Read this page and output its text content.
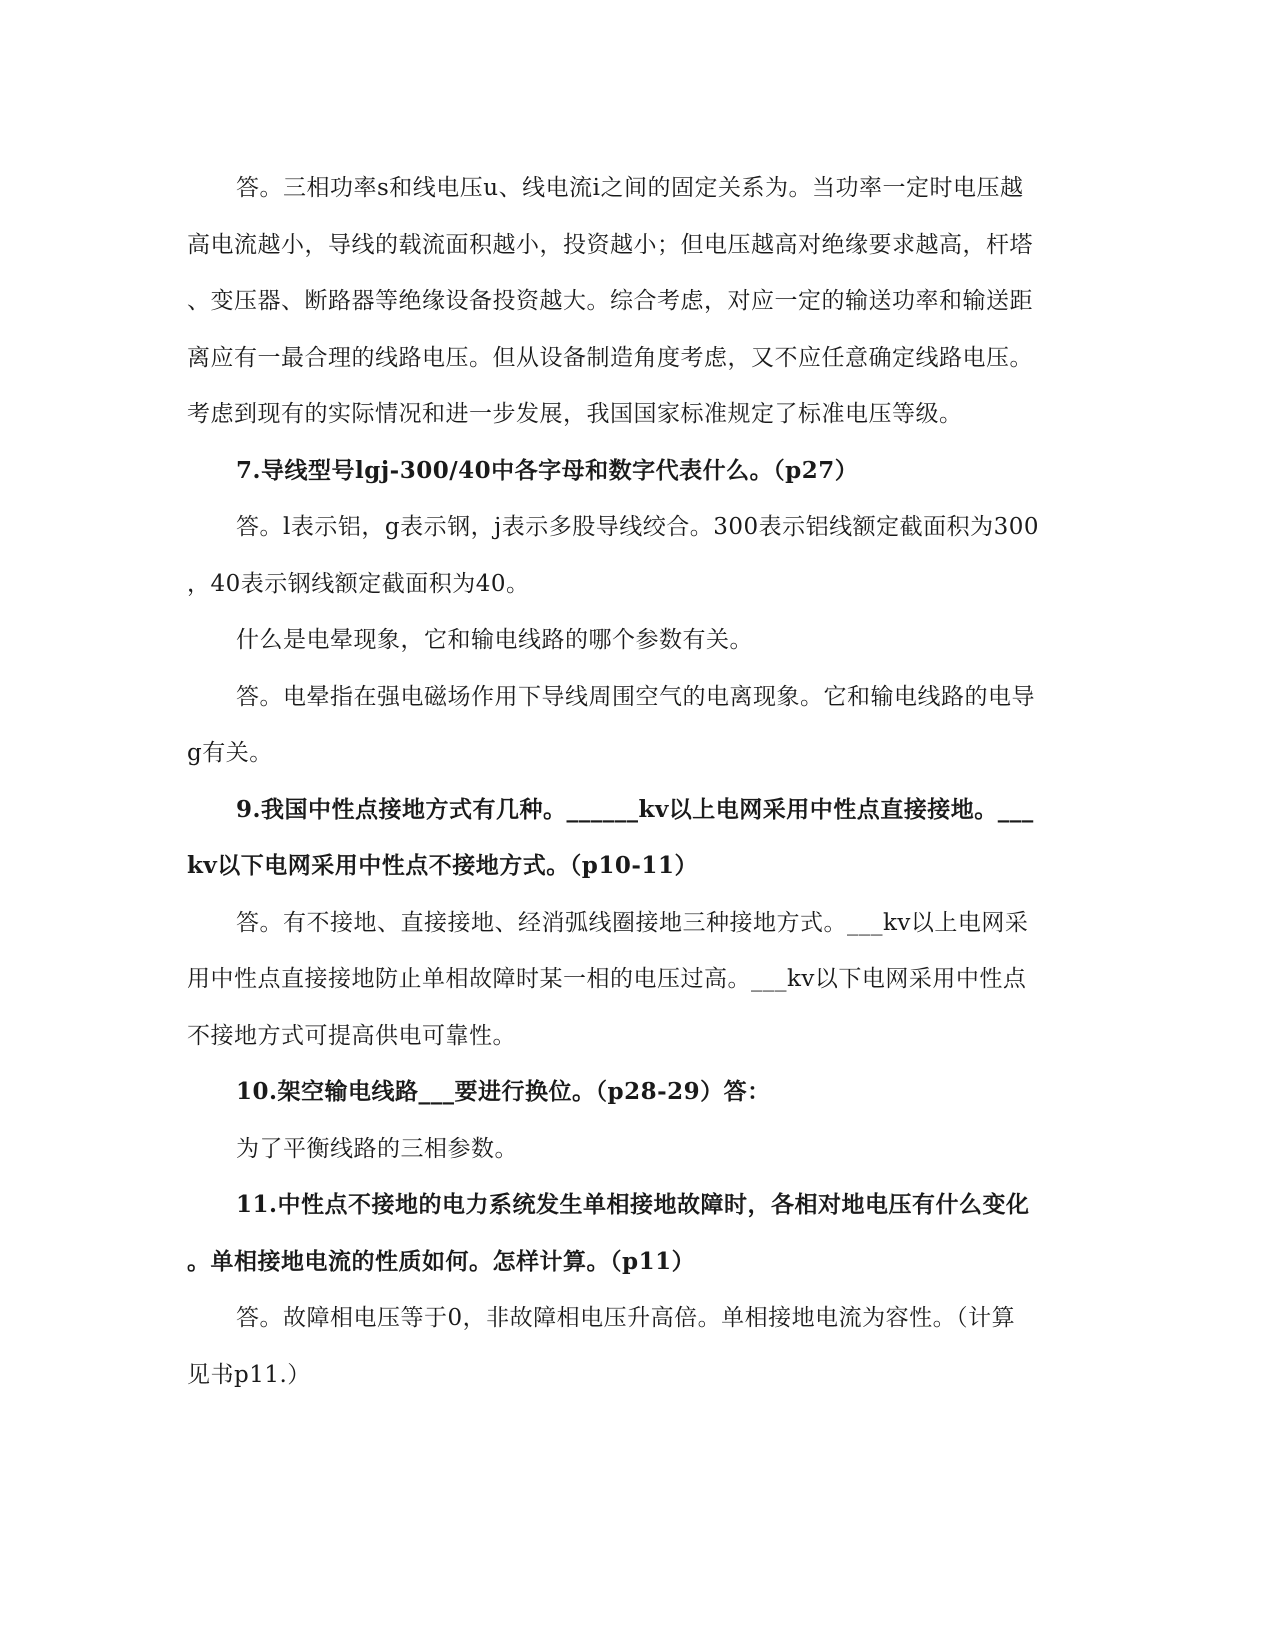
答。三相功率s和线电压u、线电流i之间的固定关系为。当功率一定时电压越
高电流越小，导线的载流面积越小，投资越小；但电压越高对绝缘要求越高，杆塔
、变压器、断路器等绝缘设备投资越大。综合考虑，对应一定的输送功率和输送距
离应有一最合理的线路电压。但从设备制造角度考虑，又不应任意确定线路电压。
考虑到现有的实际情况和进一步发展，我国国家标准规定了标准电压等级。
7.导线型号lgj-300/40中各字母和数字代表什么。（p27）
答。l表示铝，g表示钢，j表示多股导线绞合。300表示铝线额定截面积为300
，40表示钢线额定截面积为40。
什么是电晕现象，它和输电线路的哪个参数有关。
答。电晕指在强电磁场作用下导线周围空气的电离现象。它和输电线路的电导
g有关。
9.我国中性点接地方式有几种。______kv以上电网采用中性点直接接地。___
kv以下电网采用中性点不接地方式。（p10-11）
答。有不接地、直接接地、经消弧线圈接地三种接地方式。___kv以上电网采
用中性点直接接地防止单相故障时某一相的电压过高。___kv以下电网采用中性点
不接地方式可提高供电可靠性。
10.架空输电线路___要进行换位。（p28-29）答：
为了平衡线路的三相参数。
11.中性点不接地的电力系统发生单相接地故障时，各相对地电压有什么变化
。单相接地电流的性质如何。怎样计算。（p11）
答。故障相电压等于0，非故障相电压升高倍。单相接地电流为容性。（计算
见书p11.）
